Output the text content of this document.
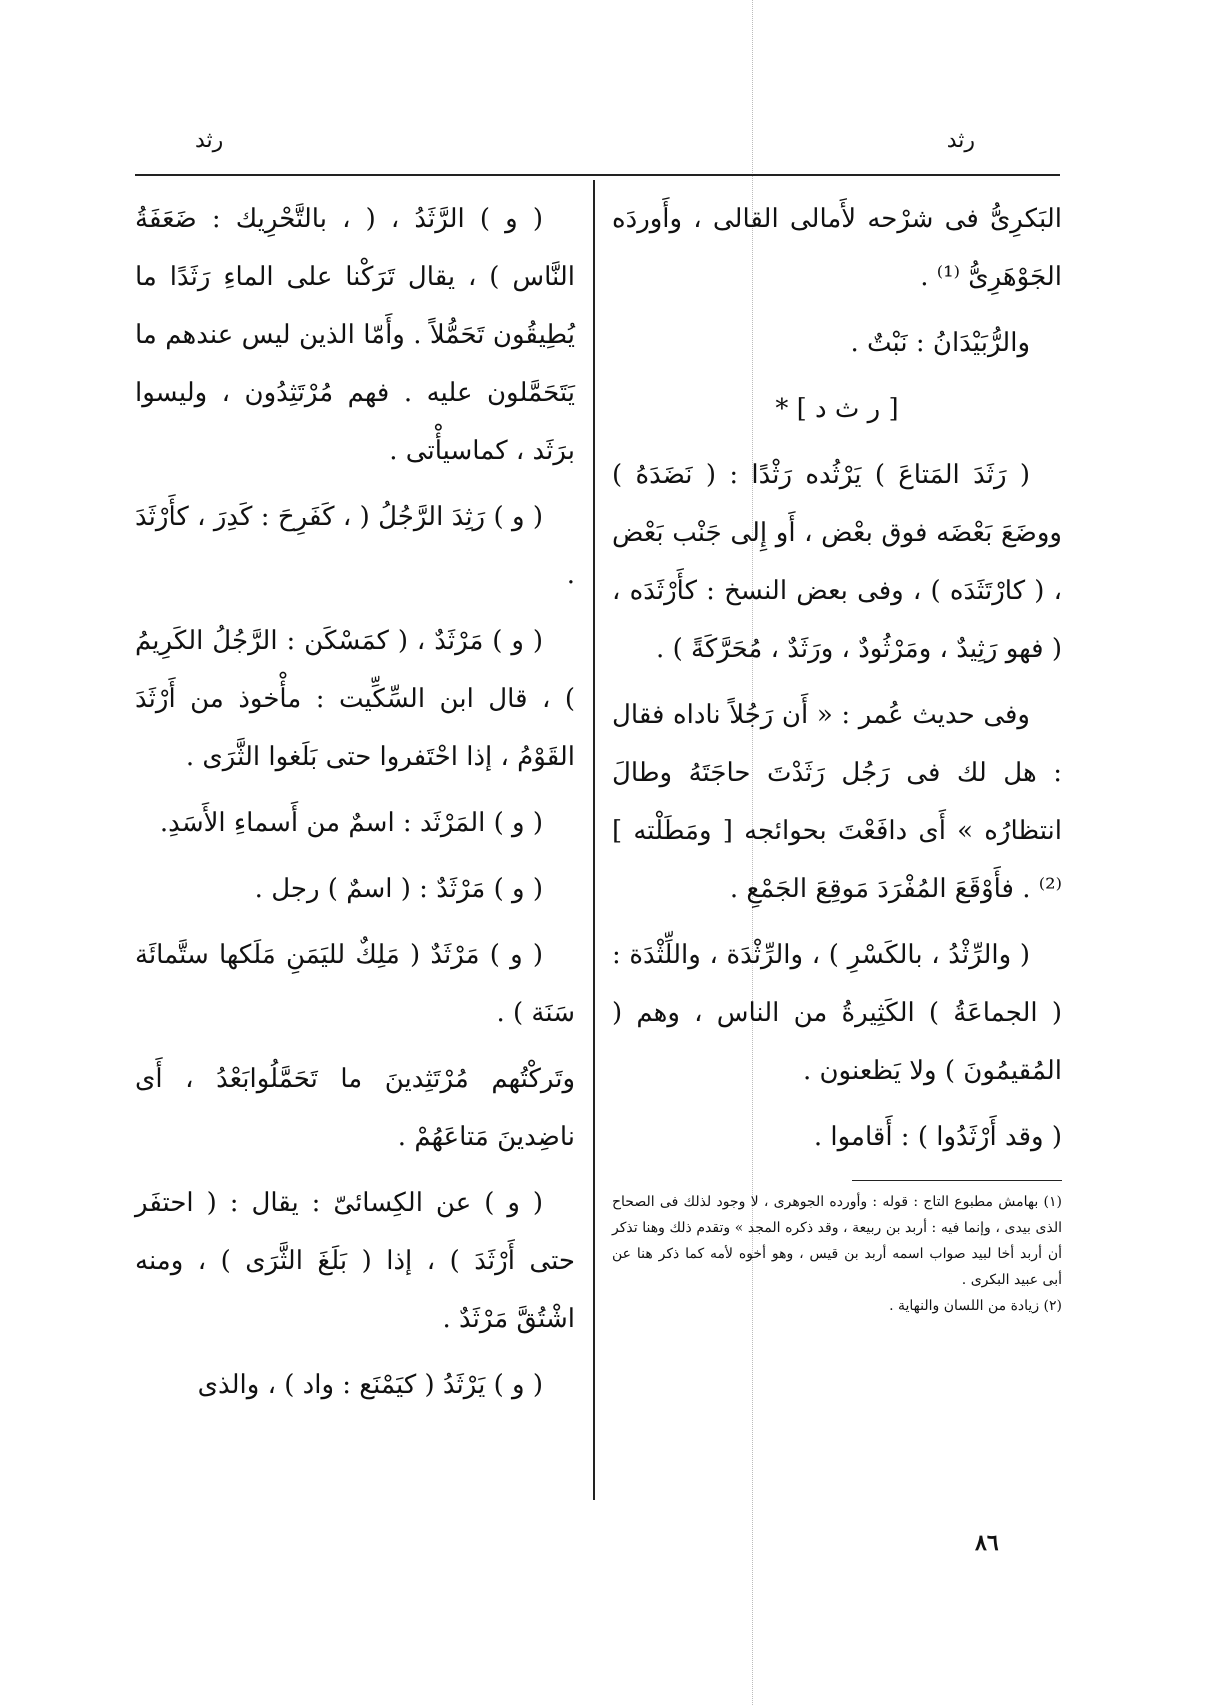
رثد
رثد

البَكرِىُّ فى شرْحه لأَمالى القالى ، وأَوردَه الجَوْهَرِىُّ ⁽¹⁾ .

والرُّبَيْدَانُ : نَبْتٌ .

[ ر ث د ] *

( رَثَدَ المَتاعَ ) يَرْثُده رَثْدًا : ( نَضَدَهُ ) ووضَعَ بَعْضَه فوق بعْض ، أَو إِلى جَنْب بَعْض ، ( كارْتَثَدَه ) ، وفى بعض النسخ : كأَرْثَدَه ، ( فهو رَثِيدٌ ، ومَرْثُودٌ ، ورَثَدٌ ، مُحَرَّكَةً ) .

وفى حديث عُمر : « أَن رَجُلاً ناداه فقال : هل لك فى رَجُل رَثَدْتَ حاجَتَهُ وطالَ انتظارُه » أَى دافَعْتَ بحوائجه [ ومَطَلْته ] ⁽²⁾ . فأَوْقَعَ المُفْرَدَ مَوقِعَ الجَمْعِ .

( والرِّثْدُ ، بالكَسْرِ ) ، والرِّثْدَة ، واللِّثْدَة : ( الجماعَةُ ) الكَثِيرةُ من الناس ، وهم ( المُقيمُونَ ) ولا يَظعنون .

( وقد أَرْثَدُوا ) : أَقاموا .

(١) بهامش مطبوع التاج : قوله : وأورده الجوهرى ، لا وجود لذلك فى الصحاح الذى بيدى ، وإنما فيه : أربد بن ربيعة ، وقد ذكره المجد » وتقدم ذلك وهنا تذكر أن أربد أخا لبيد صواب اسمه أربد بن قيس ، وهو أخوه لأمه كما ذكر هنا عن أبى عبيد البكرى .

(٢) زيادة من اللسان والنهاية .

( و ) الرَّثَدُ ، ( ، بالتَّحْرِيك : ضَعَفَةُ النَّاس ) ، يقال تَرَكْنا على الماءِ رَثَدًا ما يُطِيقُون تَحَمُّلاً . وأَمّا الذين ليس عندهم ما يَتَحَمَّلون عليه . فهم مُرْتَثِدُون ، وليسوا برَثَد ، كماسيأْتى .

( و ) رَثِدَ الرَّجُلُ ( ، كَفَرِحَ : كَدِرَ ، كأَرْثَدَ .

( و ) مَرْثَدٌ ، ( كمَسْكَن : الرَّجُلُ الكَرِيمُ ) ، قال ابن السِّكِّيت : مأْخوذ من أَرْثَدَ القَوْمُ ، إذا احْتَفروا حتى بَلَغوا الثَّرَى .

( و ) المَرْثَد : اسمٌ من أَسماءِ الأَسَدِ.

( و ) مَرْثَدٌ : ( اسمٌ ) رجل .

( و ) مَرْثَدٌ ( مَلِكٌ لليَمَنِ مَلَكها ستَّمائَة سَنَة ) .

وتَركْتُهم مُرْتَثِدينَ ما تَحَمَّلُوابَعْدُ ، أَى ناضِدينَ مَتاعَهُمْ .

( و ) عن الكِسائىّ : يقال : ( احتفَر حتى أَرْثَدَ ) ، إذا ( بَلَغَ الثَّرَى ) ، ومنه اشْتُقَّ مَرْثَدٌ .

( و ) يَرْثَدُ ( كيَمْنَع : واد ) ، والذى

٨٦
